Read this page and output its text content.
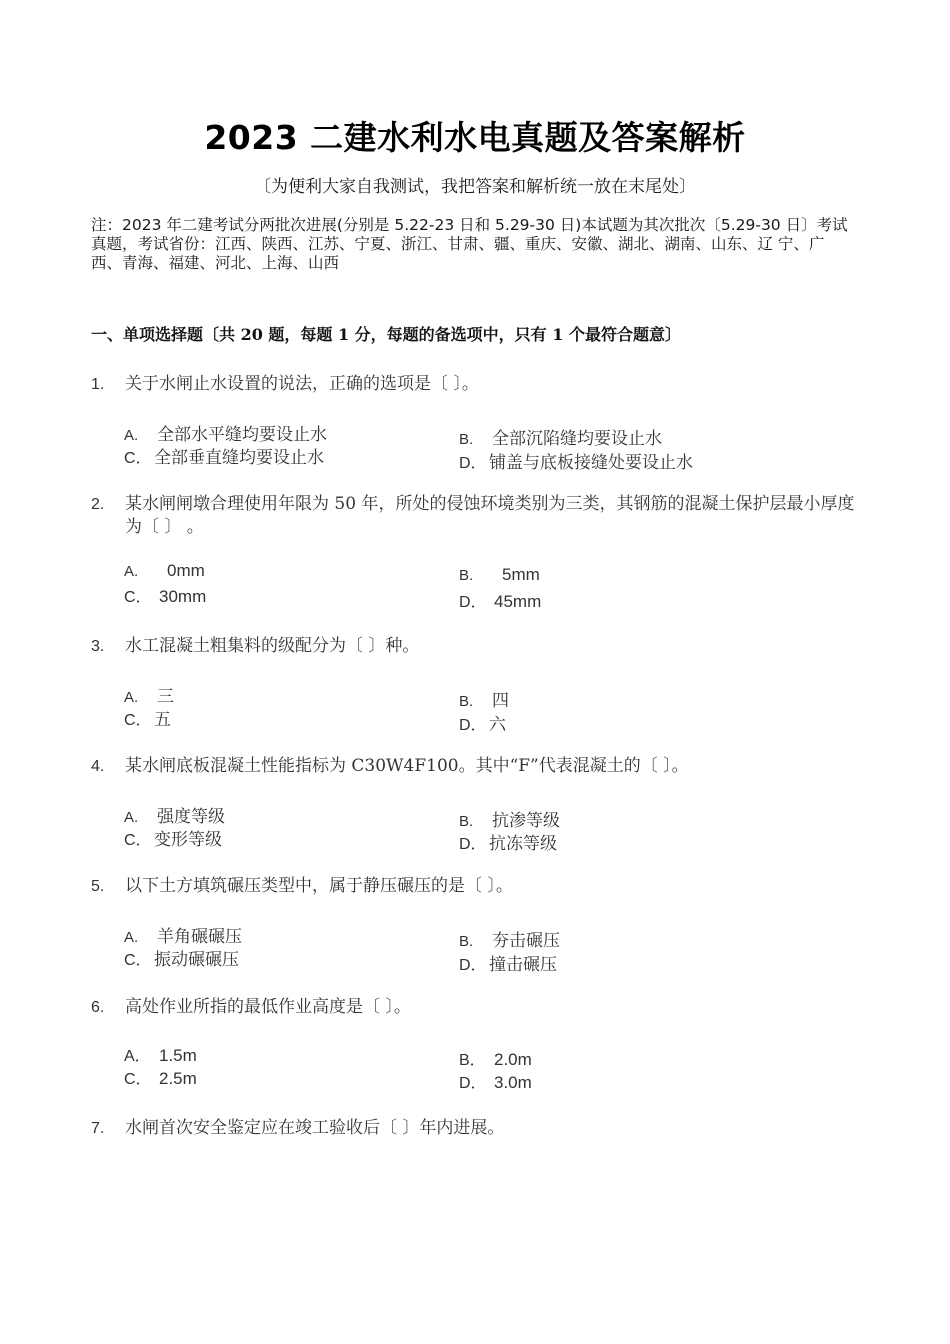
2023 二建水利水电真题及答案解析
〔为便利大家自我测试，我把答案和解析统一放在末尾处〕
注：2023 年二建考试分两批次进展(分别是 5.22-23 日和 5.29-30 日)本试题为其次批次〔5.29-30 日〕考试真题，考试省份：江西、陕西、江苏、宁夏、浙江、甘肃、疆、重庆、安徽、湖北、湖南、山东、辽 宁、广西、青海、福建、河北、上海、山西
一、单项选择题〔共 20 题，每题 1 分，每题的备选项中，只有 1 个最符合题意〕
1. 关于水闸止水设置的说法，正确的选项是〔 〕。
A. 全部水平缝均要设止水	B. 全部沉陷缝均要设止水
C． 全部垂直缝均要设止水	D． 铺盖与底板接缝处要设止水
2. 某水闸闸墩合理使用年限为 50 年，所处的侵蚀环境类别为三类，其钢筋的混凝土保护层最小厚度为〔 〕 。
A. 0mm	B. 5mm
C． 30mm	D． 45mm
3. 水工混凝土粗集料的级配分为〔 〕种。
A. 三	B. 四
C． 五	D． 六
4. 某水闸底板混凝土性能指标为 C30W4F100。其中“F”代表混凝土的〔 〕。
A. 强度等级	B. 抗渗等级
C． 变形等级	D． 抗冻等级
5. 以下土方填筑碾压类型中，属于静压碾压的是〔 〕。
A. 羊角碾碾压	B. 夯击碾压
C． 振动碾碾压	D． 撞击碾压
6. 高处作业所指的最低作业高度是〔 〕。
A． 1.5m	B． 2.0m
C． 2.5m	D． 3.0m
7. 水闸首次安全鉴定应在竣工验收后〔 〕年内进展。
